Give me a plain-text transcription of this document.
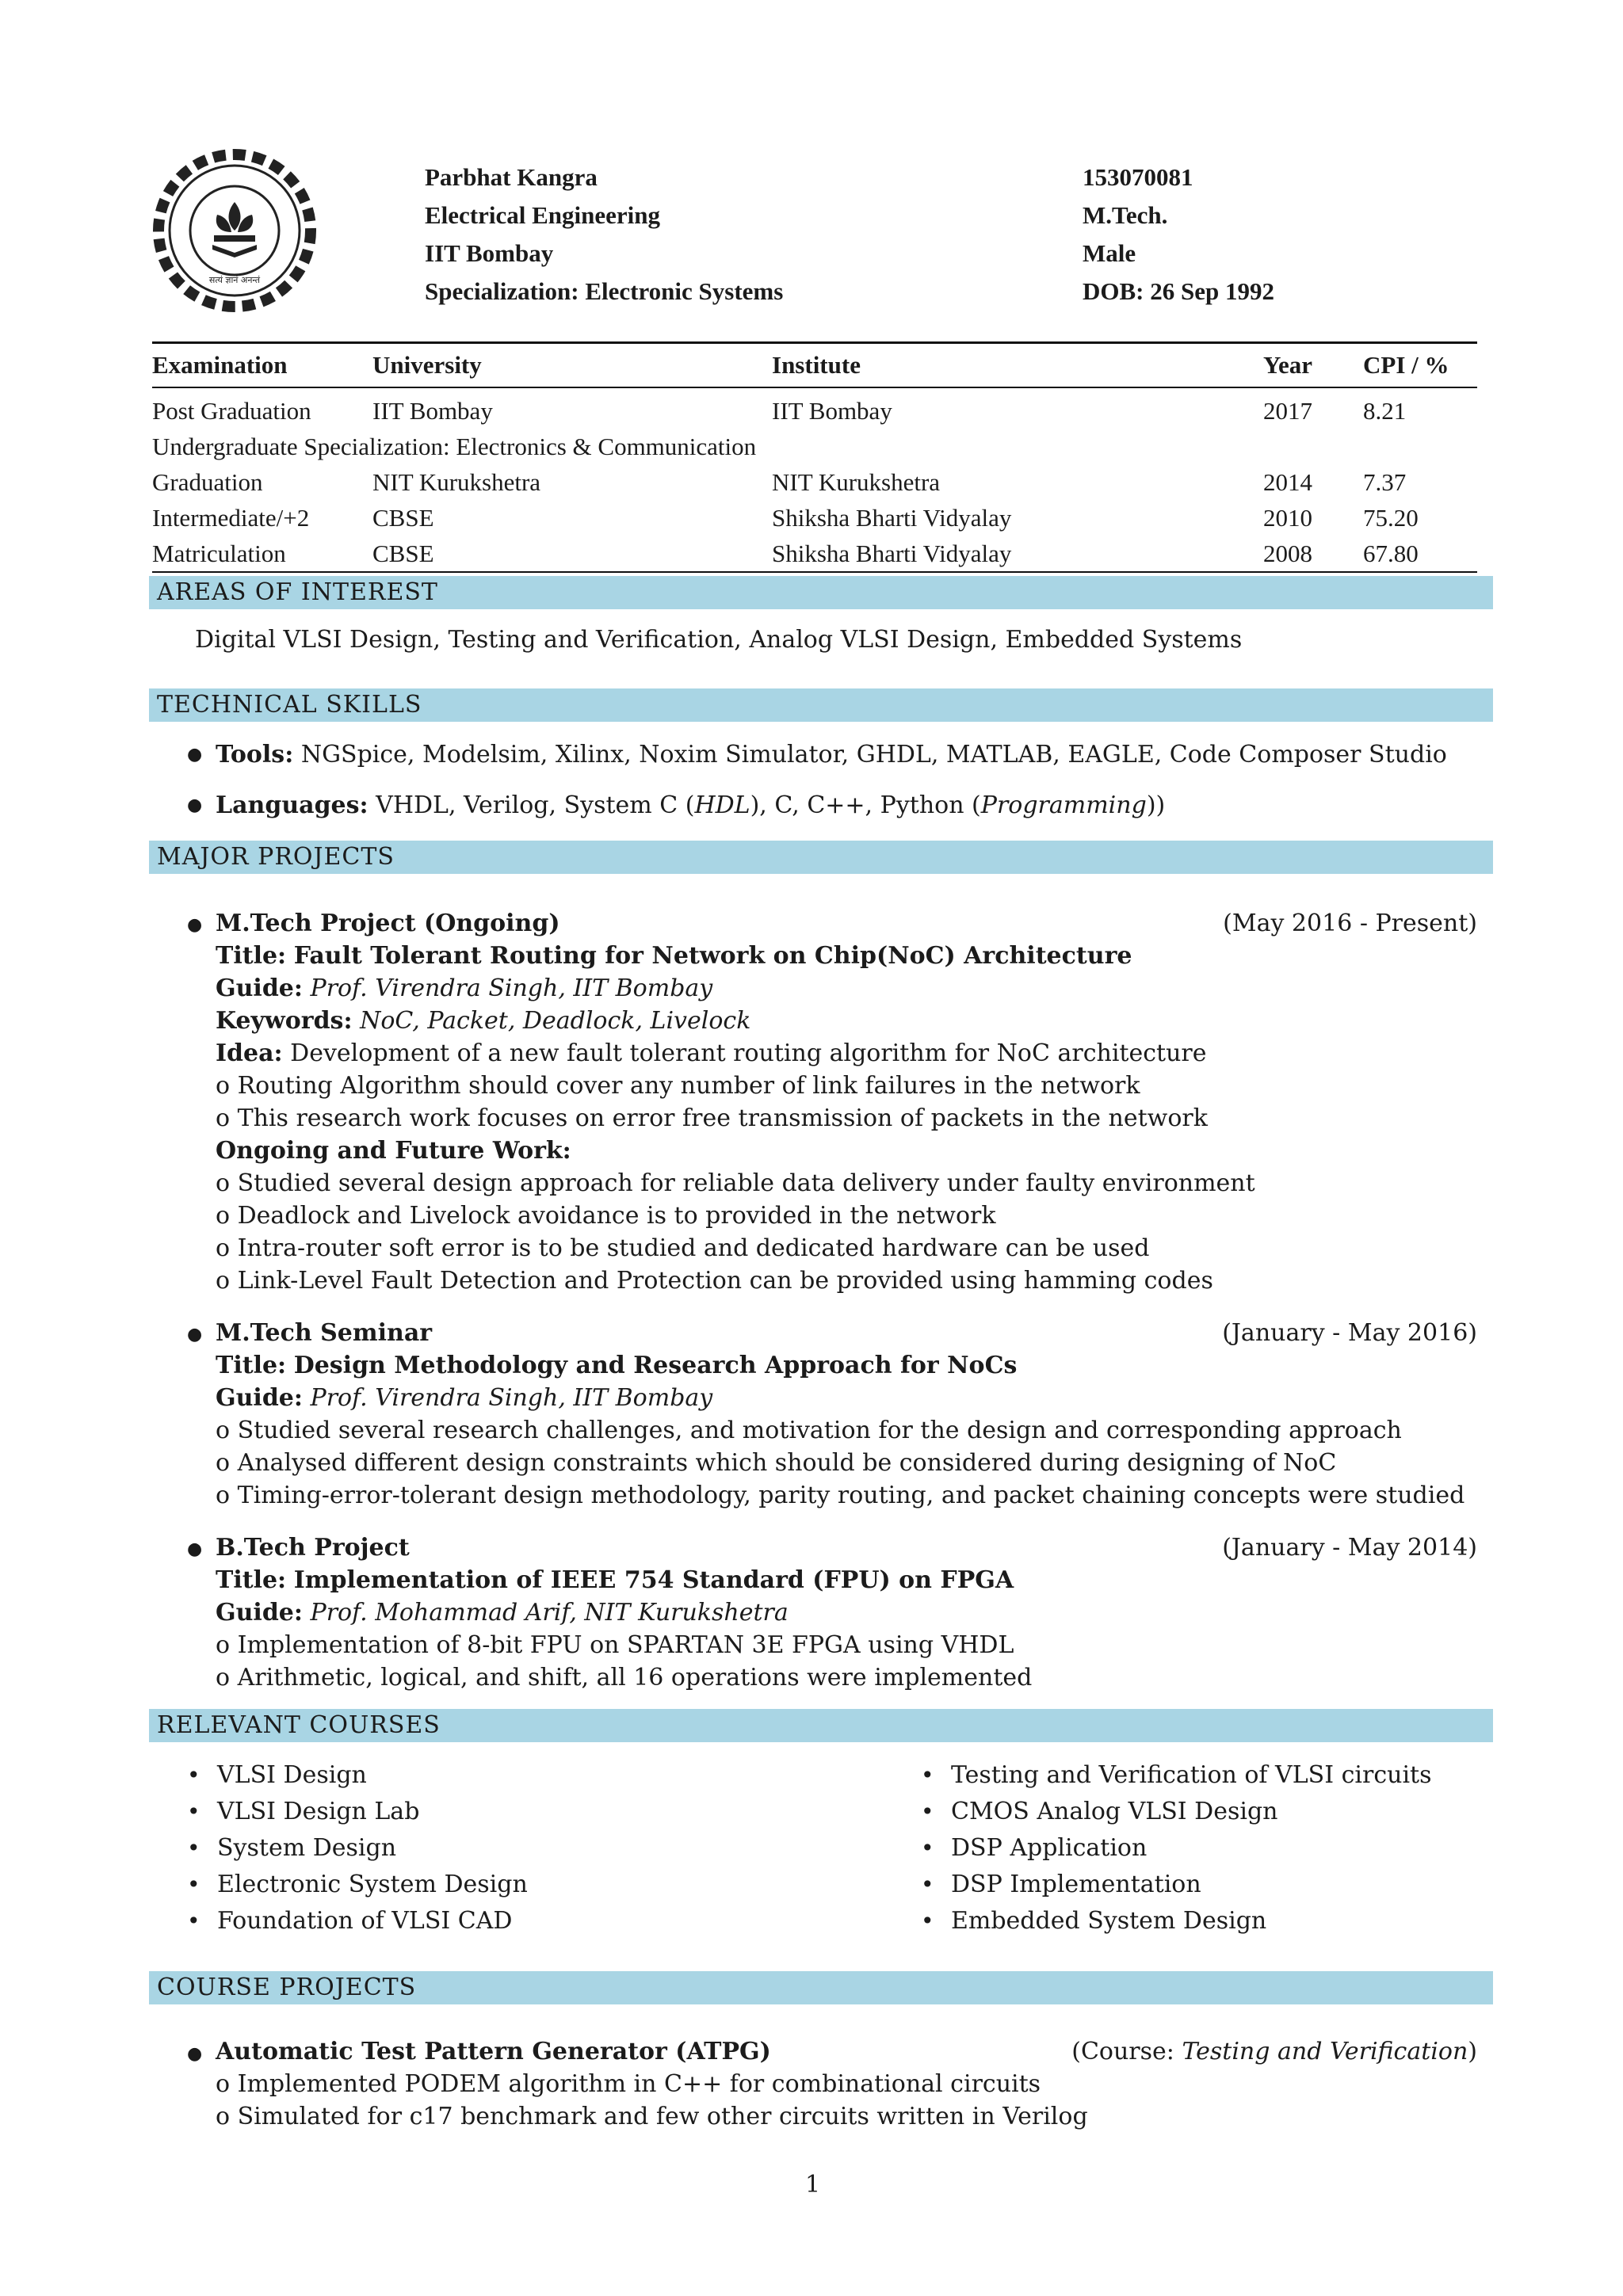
सत्यं ज्ञानं अनन्तं
Parbhat Kangra
Electrical Engineering
IIT Bombay
Specialization: Electronic Systems
153070081
M.Tech.
Male
DOB: 26 Sep 1992
Examination	University	Institute	Year	CPI / %
Post Graduation	IIT Bombay	IIT Bombay	2017	8.21
Undergraduate Specialization: Electronics & Communication				
Graduation	NIT Kurukshetra	NIT Kurukshetra	2014	7.37
Intermediate/+2	CBSE	Shiksha Bharti Vidyalay	2010	75.20
Matriculation	CBSE	Shiksha Bharti Vidyalay	2008	67.80
AREAS OF INTEREST
Digital VLSI Design, Testing and Verification, Analog VLSI Design, Embedded Systems
TECHNICAL SKILLS
● Tools: NGSpice, Modelsim, Xilinx, Noxim Simulator, GHDL, MATLAB, EAGLE, Code Composer Studio
● Languages: VHDL, Verilog, System C (HDL), C, C++, Python (Programming))
MAJOR PROJECTS
● M.Tech Project (Ongoing)	(May 2016 - Present)
Title: Fault Tolerant Routing for Network on Chip(NoC) Architecture
Guide: Prof. Virendra Singh, IIT Bombay
Keywords: NoC, Packet, Deadlock, Livelock
Idea: Development of a new fault tolerant routing algorithm for NoC architecture
o Routing Algorithm should cover any number of link failures in the network
o This research work focuses on error free transmission of packets in the network
Ongoing and Future Work:
o Studied several design approach for reliable data delivery under faulty environment
o Deadlock and Livelock avoidance is to provided in the network
o Intra-router soft error is to be studied and dedicated hardware can be used
o Link-Level Fault Detection and Protection can be provided using hamming codes
● M.Tech Seminar	(January - May 2016)
Title: Design Methodology and Research Approach for NoCs
Guide: Prof. Virendra Singh, IIT Bombay
o Studied several research challenges, and motivation for the design and corresponding approach
o Analysed different design constraints which should be considered during designing of NoC
o Timing-error-tolerant design methodology, parity routing, and packet chaining concepts were studied
● B.Tech Project	(January - May 2014)
Title: Implementation of IEEE 754 Standard (FPU) on FPGA
Guide: Prof. Mohammad Arif, NIT Kurukshetra
o Implementation of 8-bit FPU on SPARTAN 3E FPGA using VHDL
o Arithmetic, logical, and shift, all 16 operations were implemented
RELEVANT COURSES
• VLSI Design
• VLSI Design Lab
• System Design
• Electronic System Design
• Foundation of VLSI CAD
• Testing and Verification of VLSI circuits
• CMOS Analog VLSI Design
• DSP Application
• DSP Implementation
• Embedded System Design
COURSE PROJECTS
● Automatic Test Pattern Generator (ATPG)	(Course: Testing and Verification)
o Implemented PODEM algorithm in C++ for combinational circuits
o Simulated for c17 benchmark and few other circuits written in Verilog
1
